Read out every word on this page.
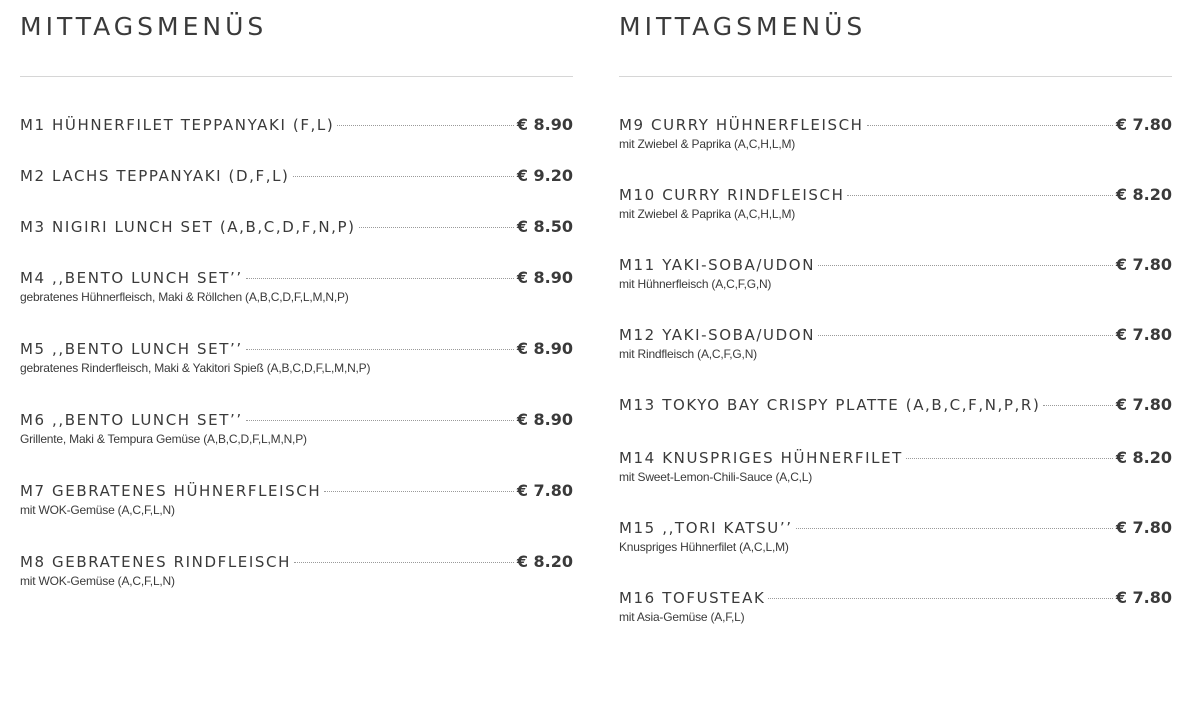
MITTAGSMENÜS
M1 HÜHNERFILET TEPPANYAKI (F,L)	€ 8.90
M2 LACHS TEPPANYAKI (D,F,L)	€ 9.20
M3 NIGIRI LUNCH SET (A,B,C,D,F,N,P)	€ 8.50
M4 ,,BENTO LUNCH SET’’	€ 8.90
gebratenes Hühnerfleisch, Maki & Röllchen (A,B,C,D,F,L,M,N,P)
M5 ,,BENTO LUNCH SET’’	€ 8.90
gebratenes Rinderfleisch, Maki & Yakitori Spieß (A,B,C,D,F,L,M,N,P)
M6 ,,BENTO LUNCH SET’’	€ 8.90
Grillente, Maki & Tempura Gemüse (A,B,C,D,F,L,M,N,P)
M7 GEBRATENES HÜHNERFLEISCH	€ 7.80
mit WOK-Gemüse (A,C,F,L,N)
M8 GEBRATENES RINDFLEISCH	€ 8.20
mit WOK-Gemüse (A,C,F,L,N)
MITTAGSMENÜS
M9 CURRY HÜHNERFLEISCH	€ 7.80
mit Zwiebel & Paprika (A,C,H,L,M)
M10 CURRY RINDFLEISCH	€ 8.20
mit Zwiebel & Paprika (A,C,H,L,M)
M11 YAKI-SOBA/UDON	€ 7.80
mit Hühnerfleisch (A,C,F,G,N)
M12 YAKI-SOBA/UDON	€ 7.80
mit Rindfleisch (A,C,F,G,N)
M13 TOKYO BAY CRISPY PLATTE (A,B,C,F,N,P,R)	€ 7.80
M14 KNUSPRIGES HÜHNERFILET	€ 8.20
mit Sweet-Lemon-Chili-Sauce (A,C,L)
M15 ,,TORI KATSU’’	€ 7.80
Knuspriges Hühnerfilet (A,C,L,M)
M16 TOFUSTEAK	€ 7.80
mit Asia-Gemüse (A,F,L)
